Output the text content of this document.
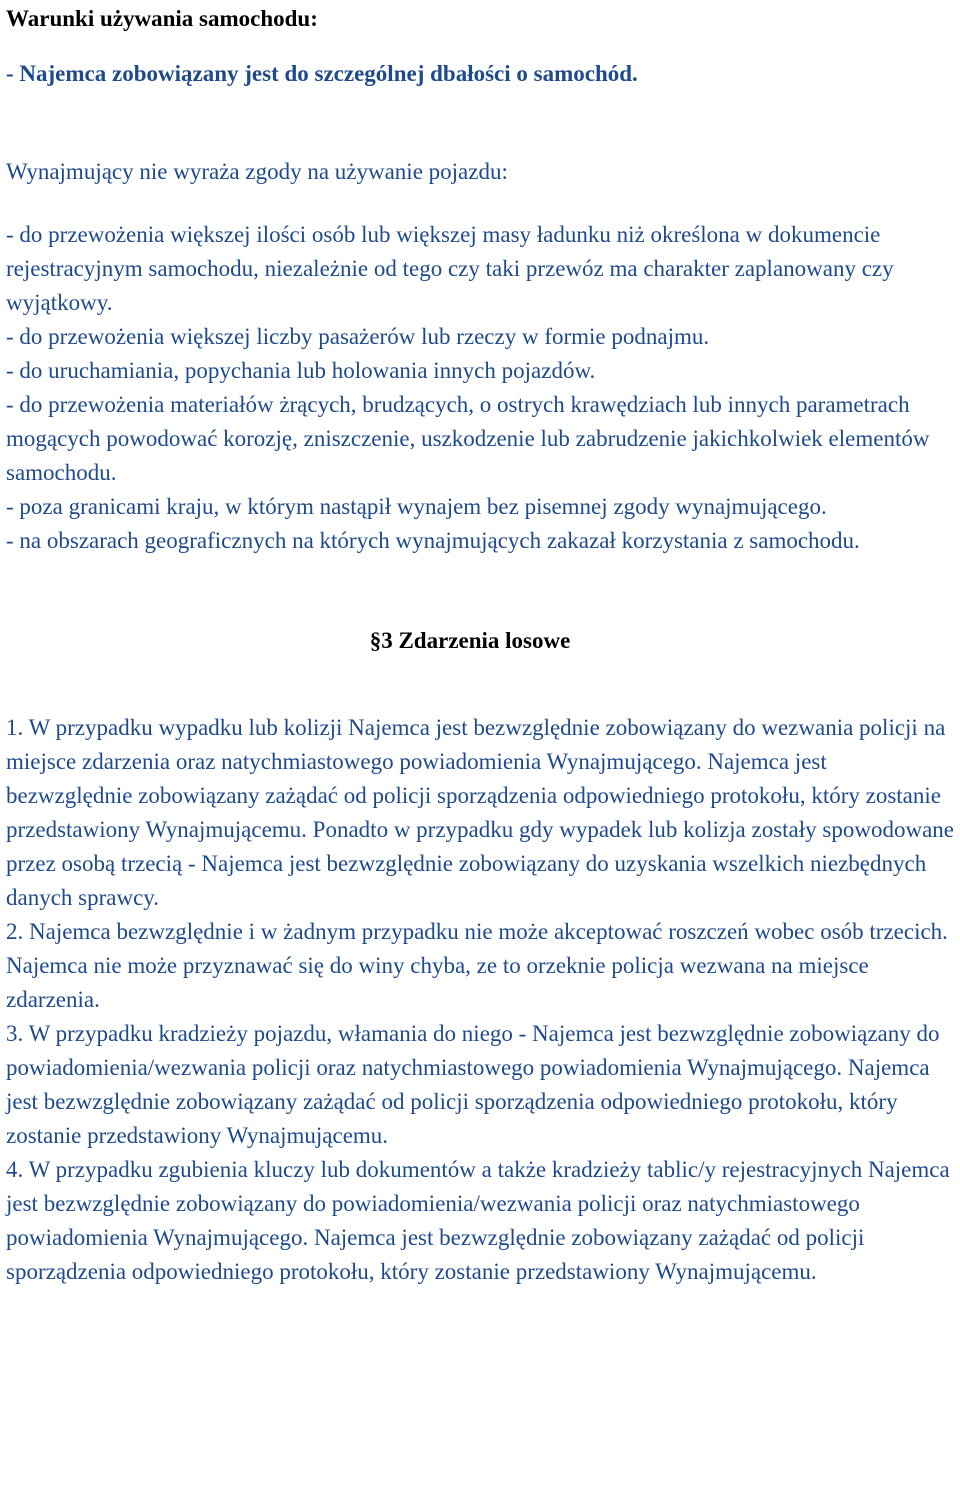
Warunki używania samochodu:

- Najemca zobowiązany jest do szczególnej dbałości o samochód.

Wynajmujący nie wyraża zgody na używanie pojazdu:

- do przewożenia większej ilości osób lub większej masy ładunku niż określona w dokumencie rejestracyjnym samochodu, niezależnie od tego czy taki przewóz ma charakter zaplanowany czy wyjątkowy.

- do przewożenia większej liczby pasażerów lub rzeczy w formie podnajmu.

- do uruchamiania, popychania lub holowania innych pojazdów.

- do przewożenia materiałów żrących, brudzących, o ostrych krawędziach lub innych parametrach mogących powodować korozję, zniszczenie, uszkodzenie lub zabrudzenie jakichkolwiek elementów samochodu.

- poza granicami kraju, w którym nastąpił wynajem bez pisemnej zgody wynajmującego.

- na obszarach geograficznych na których wynajmujących zakazał korzystania z samochodu.

§3 Zdarzenia losowe

1. W przypadku wypadku lub kolizji Najemca jest bezwzględnie zobowiązany do wezwania policji na miejsce zdarzenia oraz natychmiastowego powiadomienia Wynajmującego. Najemca jest bezwzględnie zobowiązany zażądać od policji sporządzenia odpowiedniego protokołu, który zostanie przedstawiony Wynajmującemu. Ponadto w przypadku gdy wypadek lub kolizja zostały spowodowane przez osobą trzecią - Najemca jest bezwzględnie zobowiązany do uzyskania wszelkich niezbędnych danych sprawcy.

2. Najemca bezwzględnie i w żadnym przypadku nie może akceptować roszczeń wobec osób trzecich. Najemca nie może przyznawać się do winy chyba, ze to orzeknie policja wezwana na miejsce zdarzenia.

3. W przypadku kradzieży pojazdu, włamania do niego - Najemca jest bezwzględnie zobowiązany do powiadomienia/wezwania policji oraz natychmiastowego powiadomienia Wynajmującego. Najemca jest bezwzględnie zobowiązany zażądać od policji sporządzenia odpowiedniego protokołu, który zostanie przedstawiony Wynajmującemu.

4. W przypadku zgubienia kluczy lub dokumentów a także kradzieży tablic/y rejestracyjnych Najemca jest bezwzględnie zobowiązany do powiadomienia/wezwania policji oraz natychmiastowego powiadomienia Wynajmującego. Najemca jest bezwzględnie zobowiązany zażądać od policji sporządzenia odpowiedniego protokołu, który zostanie przedstawiony Wynajmującemu.
